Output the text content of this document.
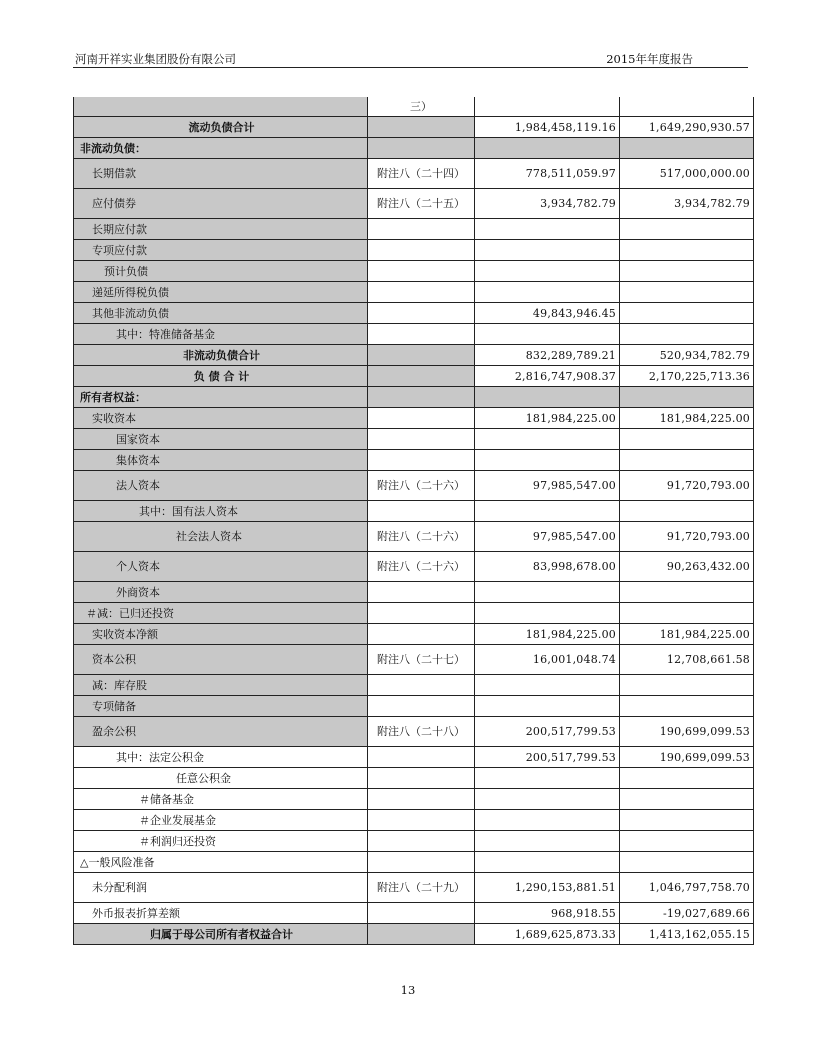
河南开祥实业集团股份有限公司	2015年年度报告
	三）		
流动负债合计		1,984,458,119.16	1,649,290,930.57
非流动负债：			
长期借款	附注八（二十四）	778,511,059.97	517,000,000.00
应付债券	附注八（二十五）	3,934,782.79	3,934,782.79
长期应付款			
专项应付款			
预计负债			
递延所得税负债			
其他非流动负债		49,843,946.45	
其中：特准储备基金			
非流动负债合计		832,289,789.21	520,934,782.79
负 债 合 计		2,816,747,908.37	2,170,225,713.36
所有者权益：			
实收资本		181,984,225.00	181,984,225.00
国家资本			
集体资本			
法人资本	附注八（二十六）	97,985,547.00	91,720,793.00
其中：国有法人资本			
社会法人资本	附注八（二十六）	97,985,547.00	91,720,793.00
个人资本	附注八（二十六）	83,998,678.00	90,263,432.00
外商资本			
＃减：已归还投资			
实收资本净额		181,984,225.00	181,984,225.00
资本公积	附注八（二十七）	16,001,048.74	12,708,661.58
减：库存股			
专项储备			
盈余公积	附注八（二十八）	200,517,799.53	190,699,099.53
其中：法定公积金		200,517,799.53	190,699,099.53
任意公积金			
＃储备基金			
＃企业发展基金			
＃利润归还投资			
△一般风险准备			
未分配利润	附注八（二十九）	1,290,153,881.51	1,046,797,758.70
外币报表折算差额		968,918.55	-19,027,689.66
归属于母公司所有者权益合计		1,689,625,873.33	1,413,162,055.15
13
